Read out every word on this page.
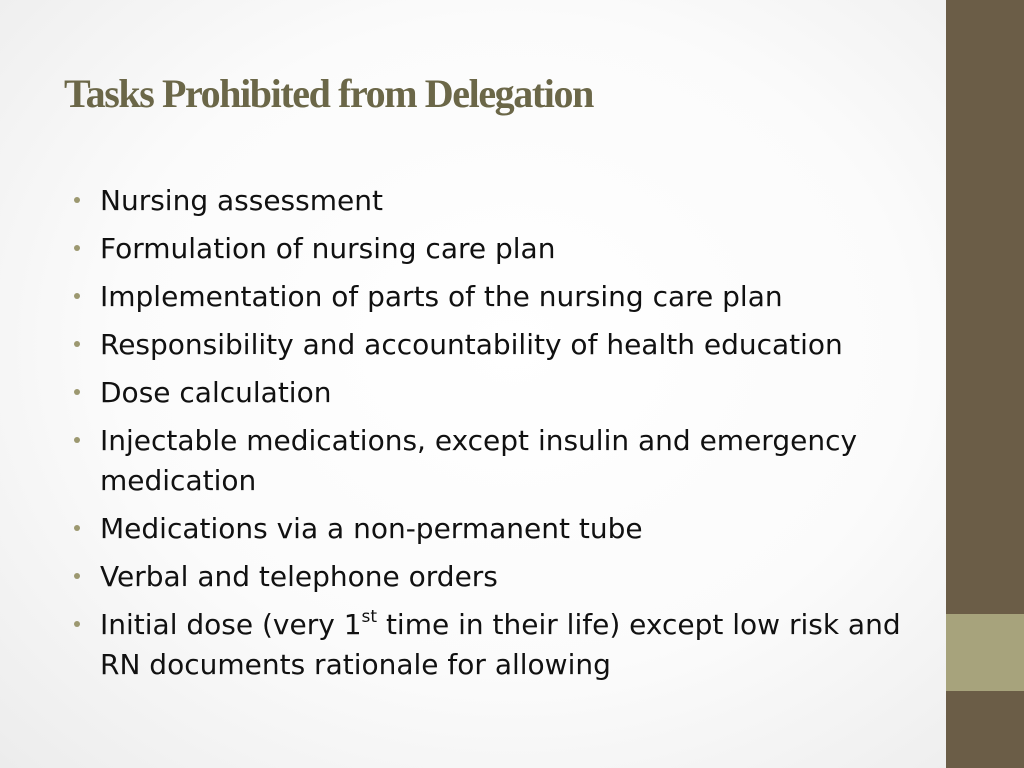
Tasks Prohibited from Delegation
Nursing assessment
Formulation of nursing care plan
Implementation of parts of the nursing care plan
Responsibility and accountability of health education
Dose calculation
Injectable medications, except insulin and emergency medication
Medications via a non-permanent tube
Verbal and telephone orders
Initial dose (very 1st time in their life) except low risk and RN documents rationale for allowing
